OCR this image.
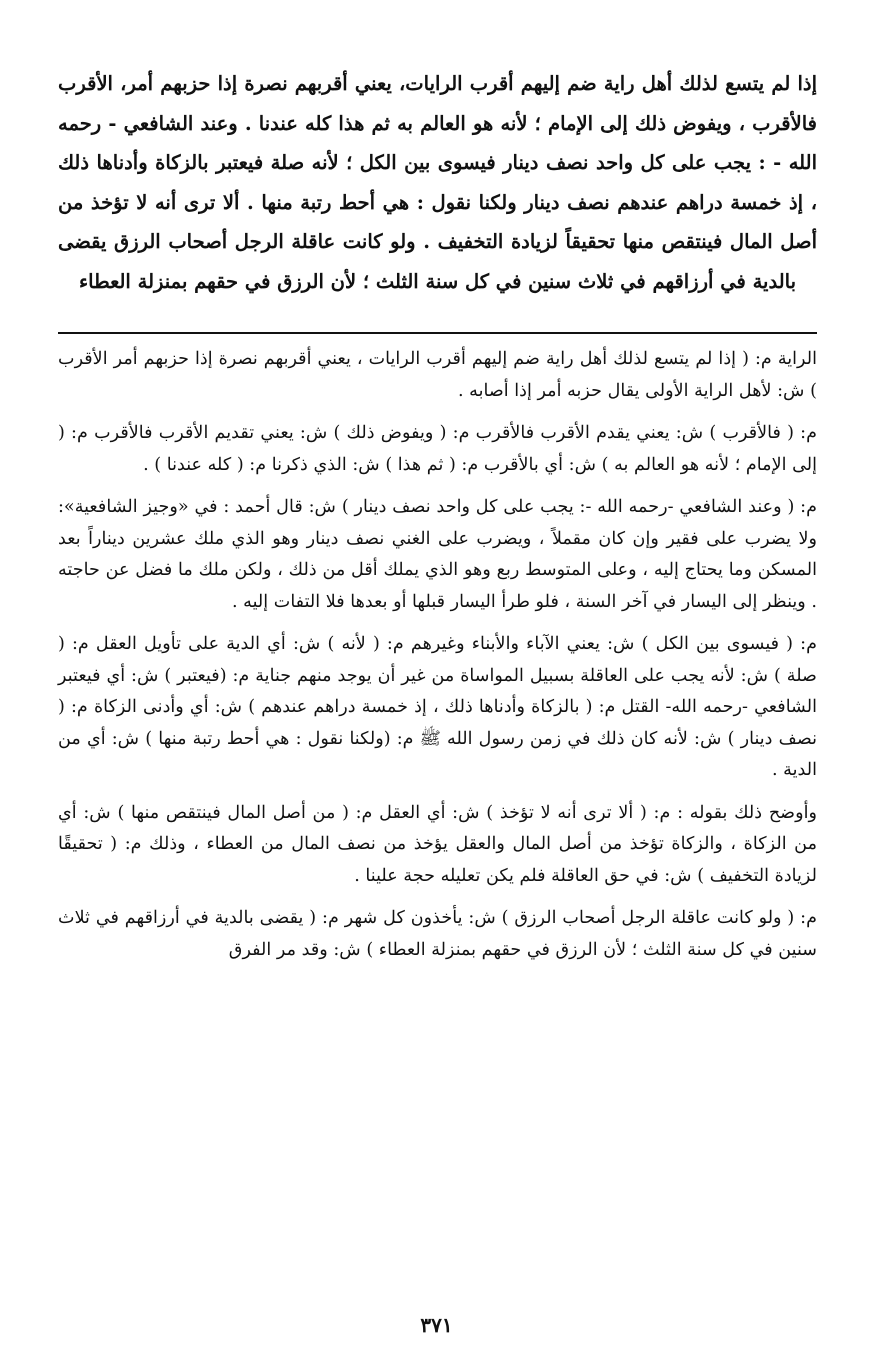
إذا لم يتسع لذلك أهل راية ضم إليهم أقرب الرايات، يعني أقربهم نصرة إذا حزبهم أمر، الأقرب فالأقرب ، ويفوض ذلك إلى الإمام ؛ لأنه هو العالم به ثم هذا كله عندنا . وعند الشافعي - رحمه الله - : يجب على كل واحد نصف دينار فيسوى بين الكل ؛ لأنه صلة فيعتبر بالزكاة وأدناها ذلك ، إذ خمسة دراهم عندهم نصف دينار ولكنا نقول : هي أحط رتبة منها . ألا ترى أنه لا تؤخذ من أصل المال فينتقص منها تحقيقاً لزيادة التخفيف . ولو كانت عاقلة الرجل أصحاب الرزق يقضى بالدية في أرزاقهم في ثلاث سنين في كل سنة الثلث ؛ لأن الرزق في حقهم بمنزلة العطاء

الراية م: ( إذا لم يتسع لذلك أهل راية ضم إليهم أقرب الرايات ، يعني أقربهم نصرة إذا حزبهم أمر الأقرب ) ش: لأهل الراية الأولى يقال حزبه أمر إذا أصابه .

م: ( فالأقرب ) ش: يعني يقدم الأقرب فالأقرب م: ( ويفوض ذلك ) ش: يعني تقديم الأقرب فالأقرب م: ( إلى الإمام ؛ لأنه هو العالم به ) ش: أي بالأقرب م: ( ثم هذا ) ش: الذي ذكرنا م: ( كله عندنا ) .

م: ( وعند الشافعي -رحمه الله -: يجب على كل واحد نصف دينار ) ش: قال أحمد : في «وجيز الشافعية»: ولا يضرب على فقير وإن كان مقملاً ، ويضرب على الغني نصف دينار وهو الذي ملك عشرين ديناراً بعد المسكن وما يحتاج إليه ، وعلى المتوسط ربع وهو الذي يملك أقل من ذلك ، ولكن ملك ما فضل عن حاجته . وينظر إلى اليسار في آخر السنة ، فلو طرأ اليسار قبلها أو بعدها فلا التفات إليه .

م: ( فيسوى بين الكل ) ش: يعني الآباء والأبناء وغيرهم م: ( لأنه ) ش: أي الدية على تأويل العقل م: ( صلة ) ش: لأنه يجب على العاقلة بسبيل المواساة من غير أن يوجد منهم جناية م: (فيعتبر ) ش: أي فيعتبر الشافعي -رحمه الله- القتل م: ( بالزكاة وأدناها ذلك ، إذ خمسة دراهم عندهم ) ش: أي وأدنى الزكاة م: ( نصف دينار ) ش: لأنه كان ذلك في زمن رسول الله ﷺ م: (ولكنا نقول : هي أحط رتبة منها ) ش: أي من الدية .

وأوضح ذلك بقوله : م: ( ألا ترى أنه لا تؤخذ ) ش: أي العقل م: ( من أصل المال فينتقص منها ) ش: أي من الزكاة ، والزكاة تؤخذ من أصل المال والعقل يؤخذ من نصف المال من العطاء ، وذلك م: ( تحقيقًا لزيادة التخفيف ) ش: في حق العاقلة فلم يكن تعليله حجة علينا .

م: ( ولو كانت عاقلة الرجل أصحاب الرزق ) ش: يأخذون كل شهر م: ( يقضى بالدية في أرزاقهم في ثلاث سنين في كل سنة الثلث ؛ لأن الرزق في حقهم بمنزلة العطاء ) ش: وقد مر الفرق

٣٧١
